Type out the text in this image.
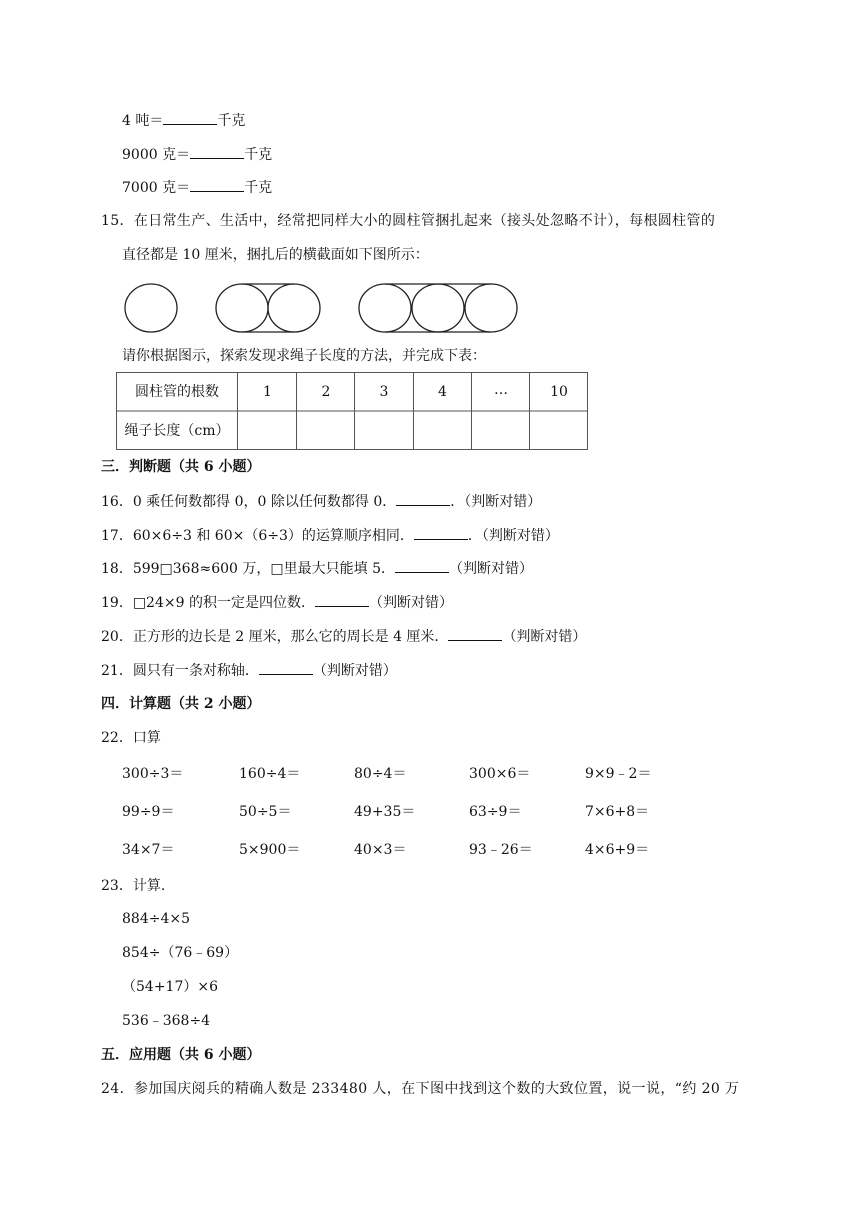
4 吨＝	千克
9000 克＝	千克
7000 克＝	千克
15．在日常生产、生活中，经常把同样大小的圆柱管捆扎起来（接头处忽略不计），每根圆柱管的
直径都是 10 厘米，捆扎后的横截面如下图所示：
请你根据图示，探索发现求绳子长度的方法，并完成下表：
圆柱管的根数	1	2	3	4	…	10
绳子长度（cm）
三．判断题（共 6 小题）
16．0 乘任何数都得 0，0 除以任何数都得 0．	．（判断对错）
17．60×6÷3 和 60×（6÷3）的运算顺序相同．	．（判断对错）
18．599□368≈600 万，□里最大只能填 5．	（判断对错）
19．□24×9 的积一定是四位数．	（判断对错）
20．正方形的边长是 2 厘米，那么它的周长是 4 厘米．	（判断对错）
21．圆只有一条对称轴．	（判断对错）
四．计算题（共 2 小题）
22．口算
300÷3＝	160÷4＝	80÷4＝	300×6＝	9×9﹣2＝
99÷9＝	50÷5＝	49+35＝	63÷9＝	7×6+8＝
34×7＝	5×900＝	40×3＝	93﹣26＝	4×6+9＝
23．计算.
884÷4×5
854÷（76﹣69）
（54+17）×6
536﹣368÷4
五．应用题（共 6 小题）
24．参加国庆阅兵的精确人数是 233480 人，在下图中找到这个数的大致位置，说一说，“约 20 万
